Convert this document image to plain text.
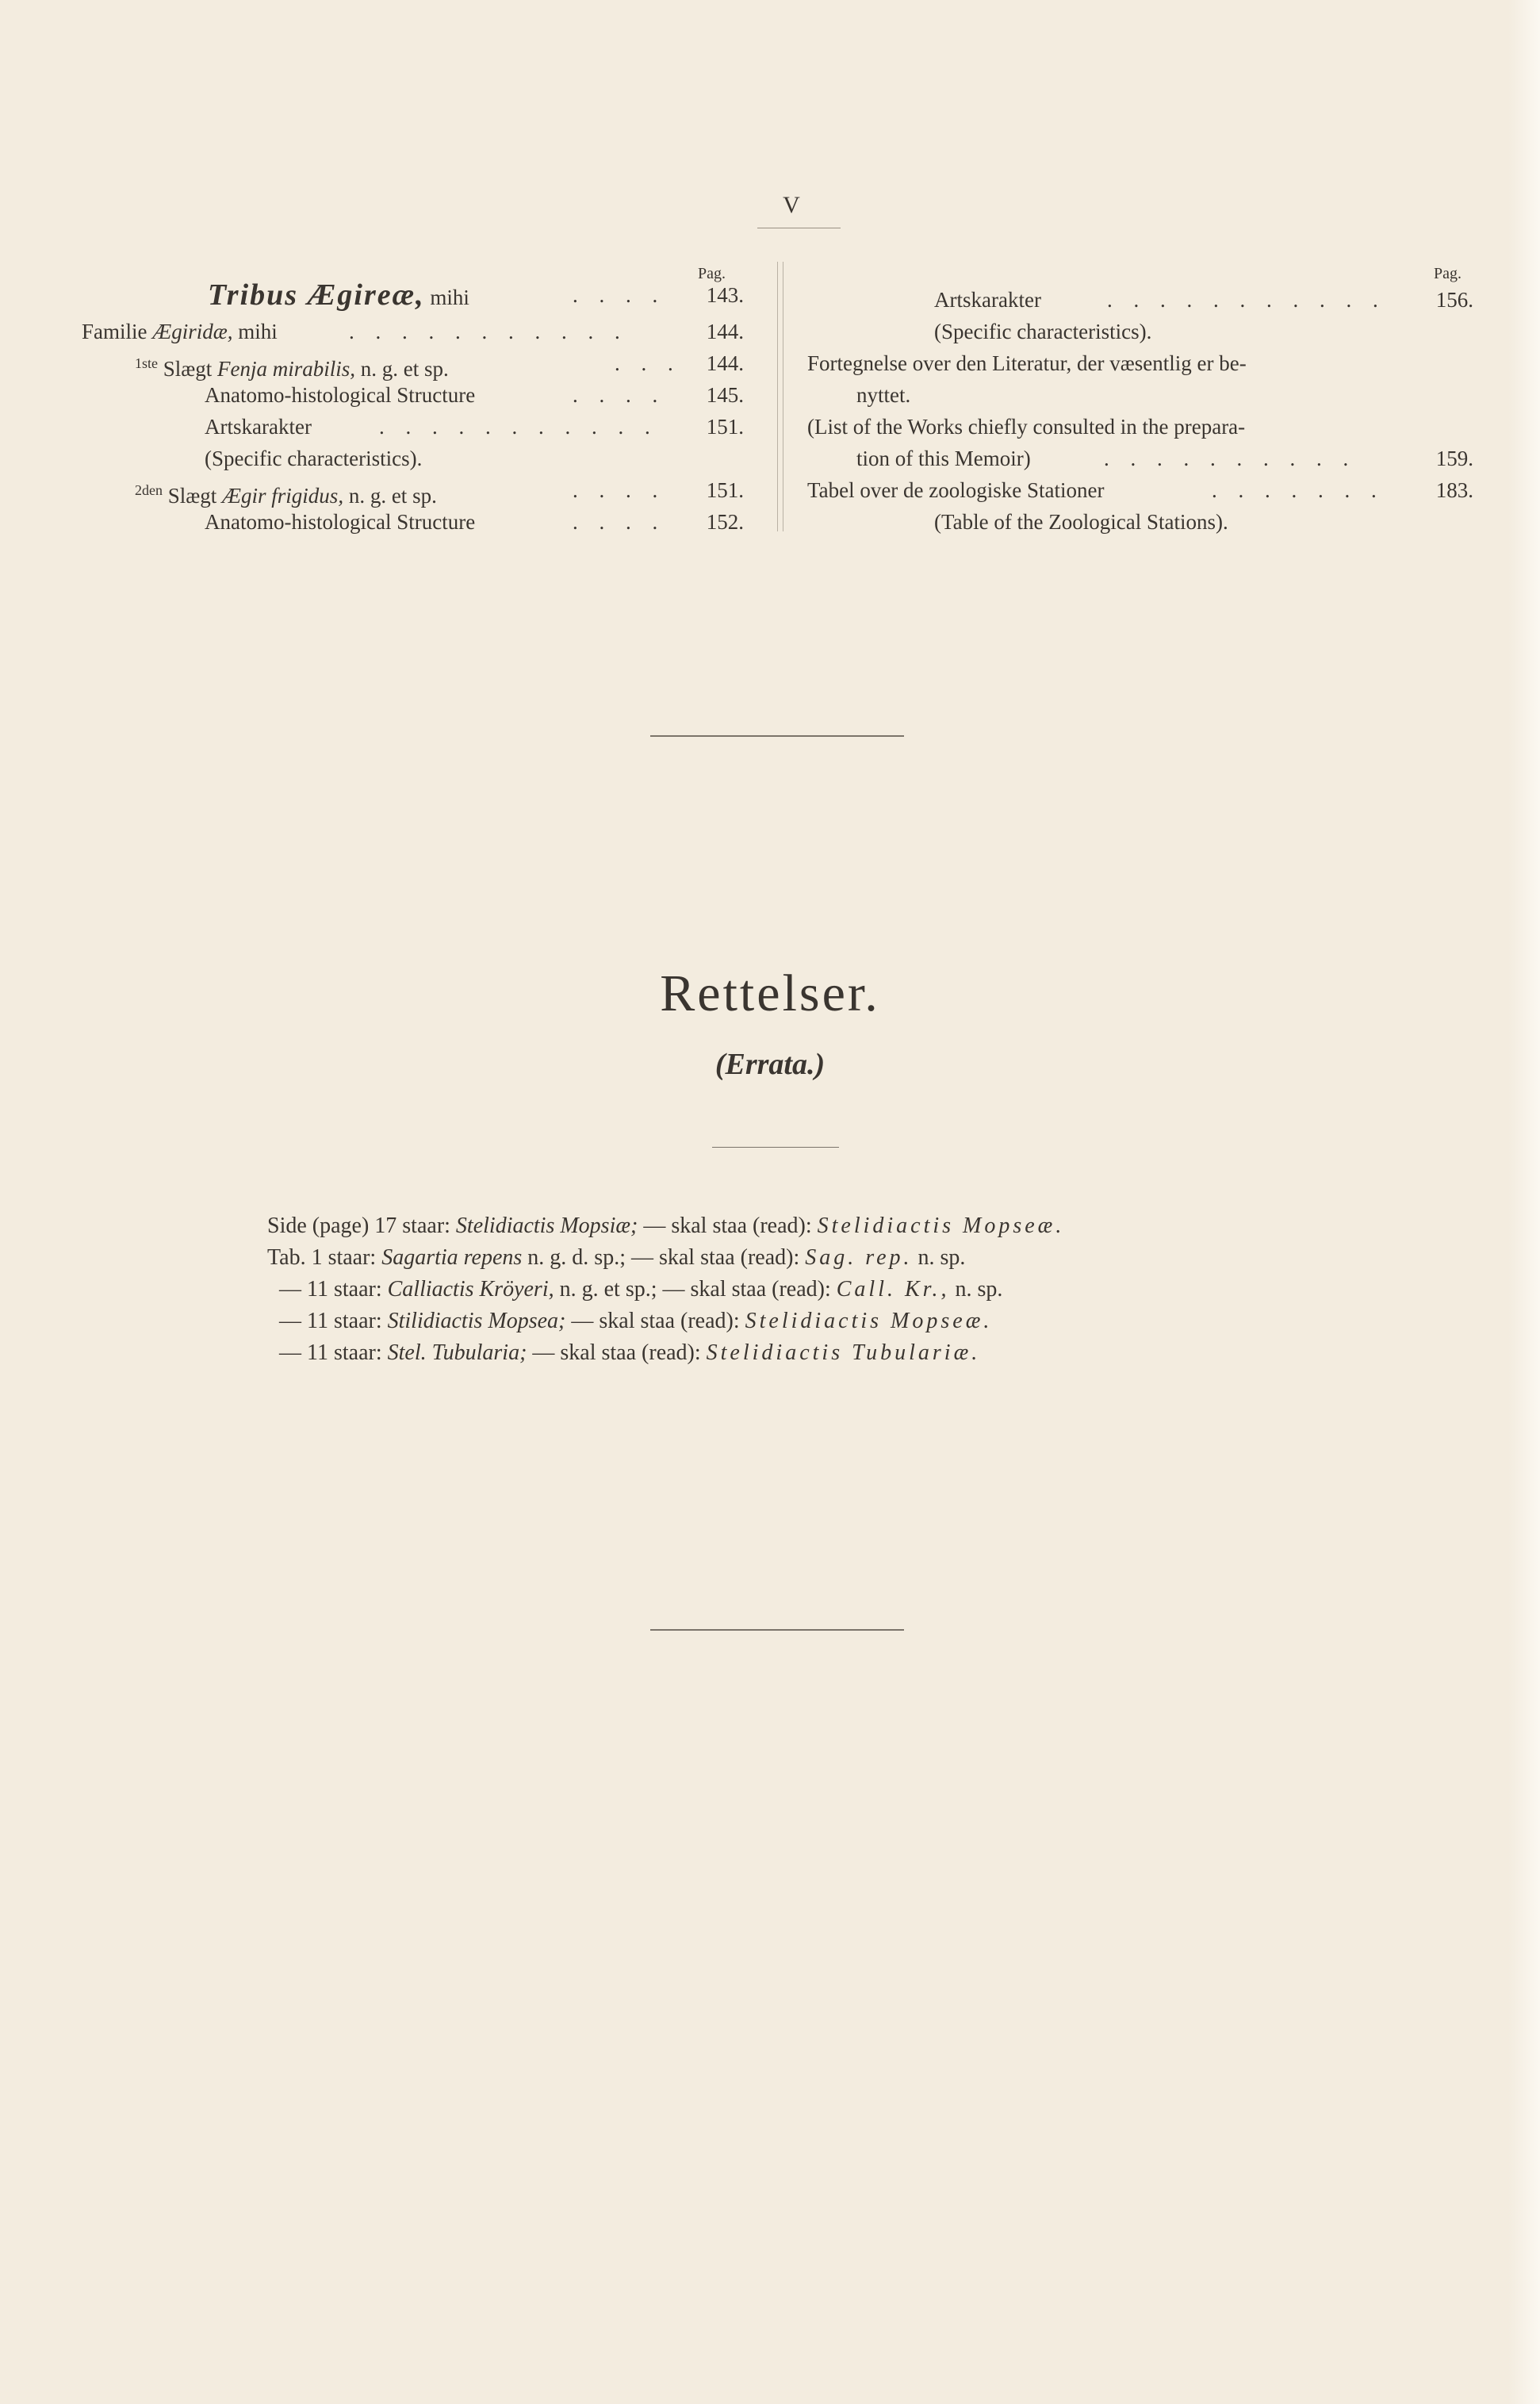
V
Pag.
Tribus Ægireæ, mihi	. . . .	143.
Familie Ægiridæ, mihi	. . . . . . . . . . .	144.
$^{1ste}$ Slægt Fenja mirabilis, n. g. et sp.	. . .	144.
Anatomo-histological Structure	. . . .	145.
Artskarakter	. . . . . . . . . . .	151.
(Specific characteristics).
$^{2den}$ Slægt Ægir frigidus, n. g. et sp.	. . . .	151.
Anatomo-histological Structure	. . . .	152.
Pag.
Artskarakter	. . . . . . . . . . .	156.
(Specific characteristics).
Fortegnelse over den Literatur, der væsentlig er be-
nyttet.
(List of the Works chiefly consulted in the prepara-
tion of this Memoir)	. . . . . . . . . .	159.
Tabel over de zoologiske Stationer	. . . . . . .	183.
(Table of the Zoological Stations).
Rettelser.
(Errata.)
Side (page) 17 staar: Stelidiactis Mopsiæ; — skal staa (read): Stelidiactis Mopseæ.
Tab. 1 staar: Sagartia repens n. g. d. sp.; — skal staa (read): Sag. rep. n. sp.
— 11 staar: Calliactis Kröyeri, n. g. et sp.; — skal staa (read): Call. Kr., n. sp.
— 11 staar: Stilidiactis Mopsea; — skal staa (read): Stelidiactis Mopseæ.
— 11 staar: Stel. Tubularia; — skal staa (read): Stelidiactis Tubulariæ.
